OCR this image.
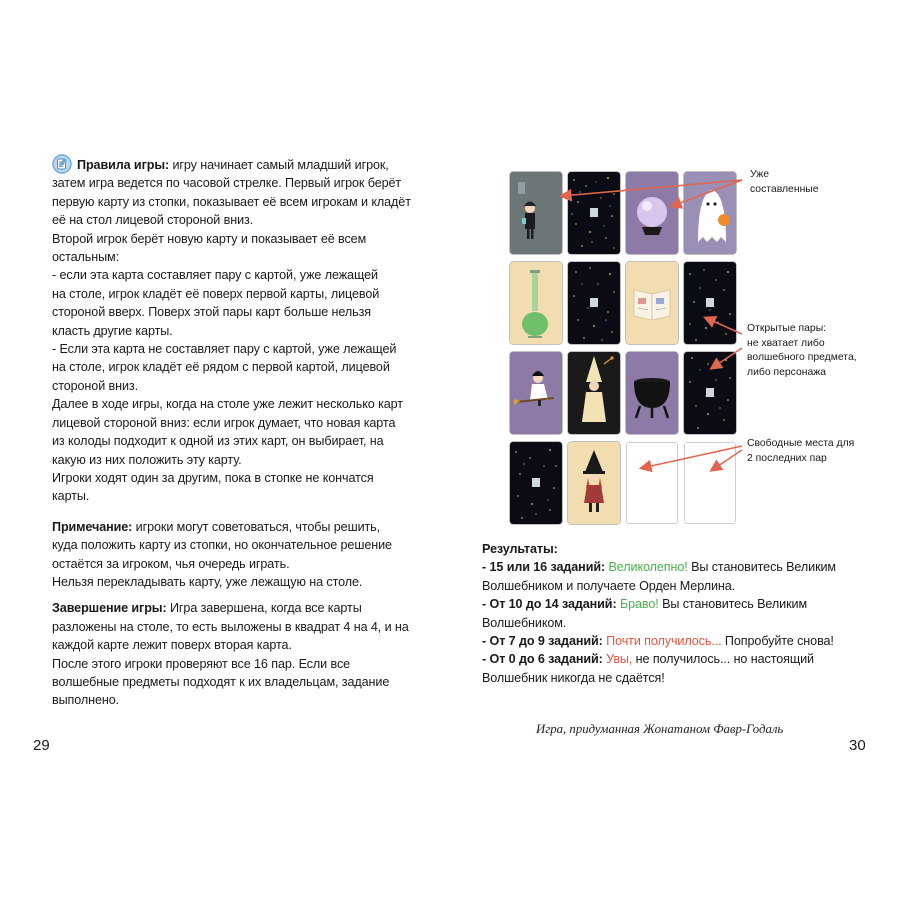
Правила игры: игру начинает самый младший игрок,
затем игра ведется по часовой стрелке. Первый игрок берёт
первую карту из стопки, показывает её всем игрокам и кладёт
её на стол лицевой стороной вниз.
Второй игрок берёт новую карту и показывает её всем
остальным:
- если эта карта составляет пару с картой, уже лежащей
на столе, игрок кладёт её поверх первой карты, лицевой
стороной вверх. Поверх этой пары карт больше нельзя
класть другие карты.
- Если эта карта не составляет пару с картой, уже лежащей
на столе, игрок кладёт её рядом с первой картой, лицевой
стороной вниз.
Далее в ходе игры, когда на столе уже лежит несколько карт
лицевой стороной вниз: если игрок думает, что новая карта
из колоды подходит к одной из этих карт, он выбирает, на
какую из них положить эту карту.
Игроки ходят один за другим, пока в стопке не кончатся
карты.

Примечание: игроки могут советоваться, чтобы решить,
куда положить карту из стопки, но окончательное решение
остаётся за игроком, чья очередь играть.
Нельзя перекладывать карту, уже лежащую на столе.

Завершение игры: Игра завершена, когда все карты
разложены на столе, то есть выложены в квадрат 4 на 4, и на
каждой карте лежит поверх вторая карта.
После этого игроки проверяют все 16 пар. Если все
волшебные предметы подходят к их владельцам, задание
выполнено.

29
Уже
составленные
Открытые пары:
не хватает либо
волшебного предмета,
либо персонажа
Свободные места для
2 последних пар

Результаты:

- 15 или 16 заданий: Великолепно! Вы становитесь Великим
Волшебником и получаете Орден Мерлина.

- От 10 до 14 заданий: Браво! Вы становитесь Великим
Волшебником.

- От 7 до 9 заданий: Почти получилось... Попробуйте снова!

- От 0 до 6 заданий: Увы, не получилось... но настоящий
Волшебник никогда не сдаётся!

Игра, придуманная Жонатаном Фавр-Годаль
30
